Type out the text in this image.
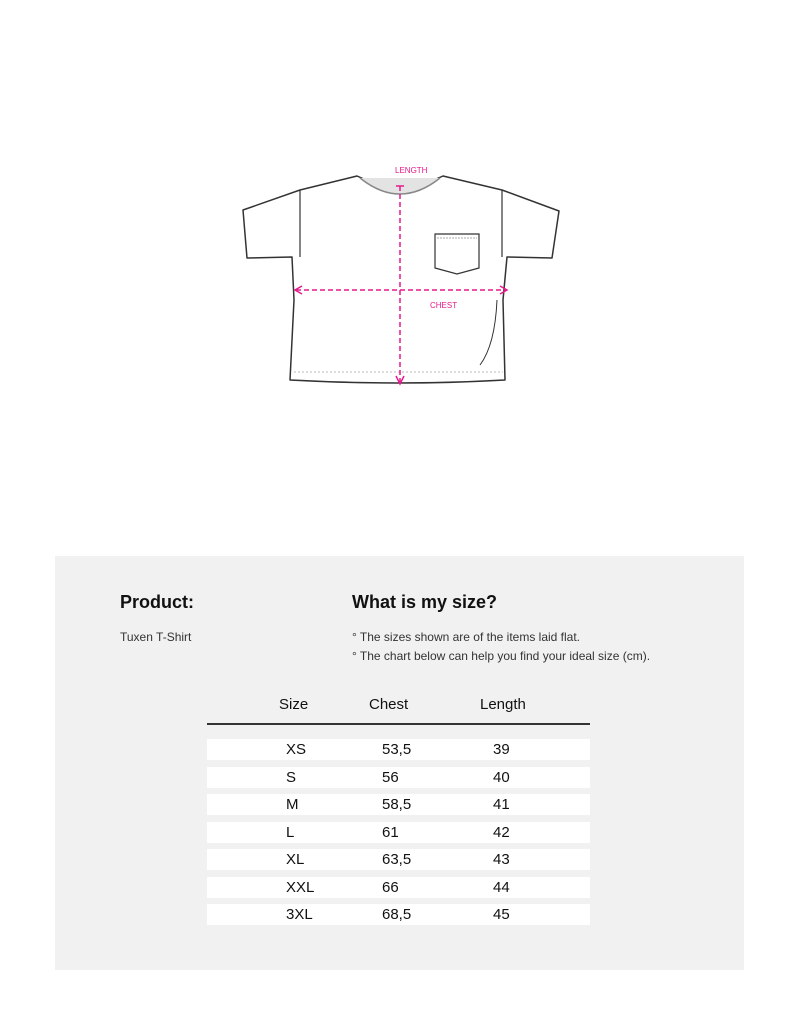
LENGTH
CHEST
Product:
Tuxen T-Shirt
What is my size?
° The sizes shown are of the items laid flat.
° The chart below can help you find your ideal size (cm).
Size	Chest	Length
XS	53,5	39
S	56	40
M	58,5	41
L	61	42
XL	63,5	43
XXL	66	44
3XL	68,5	45
